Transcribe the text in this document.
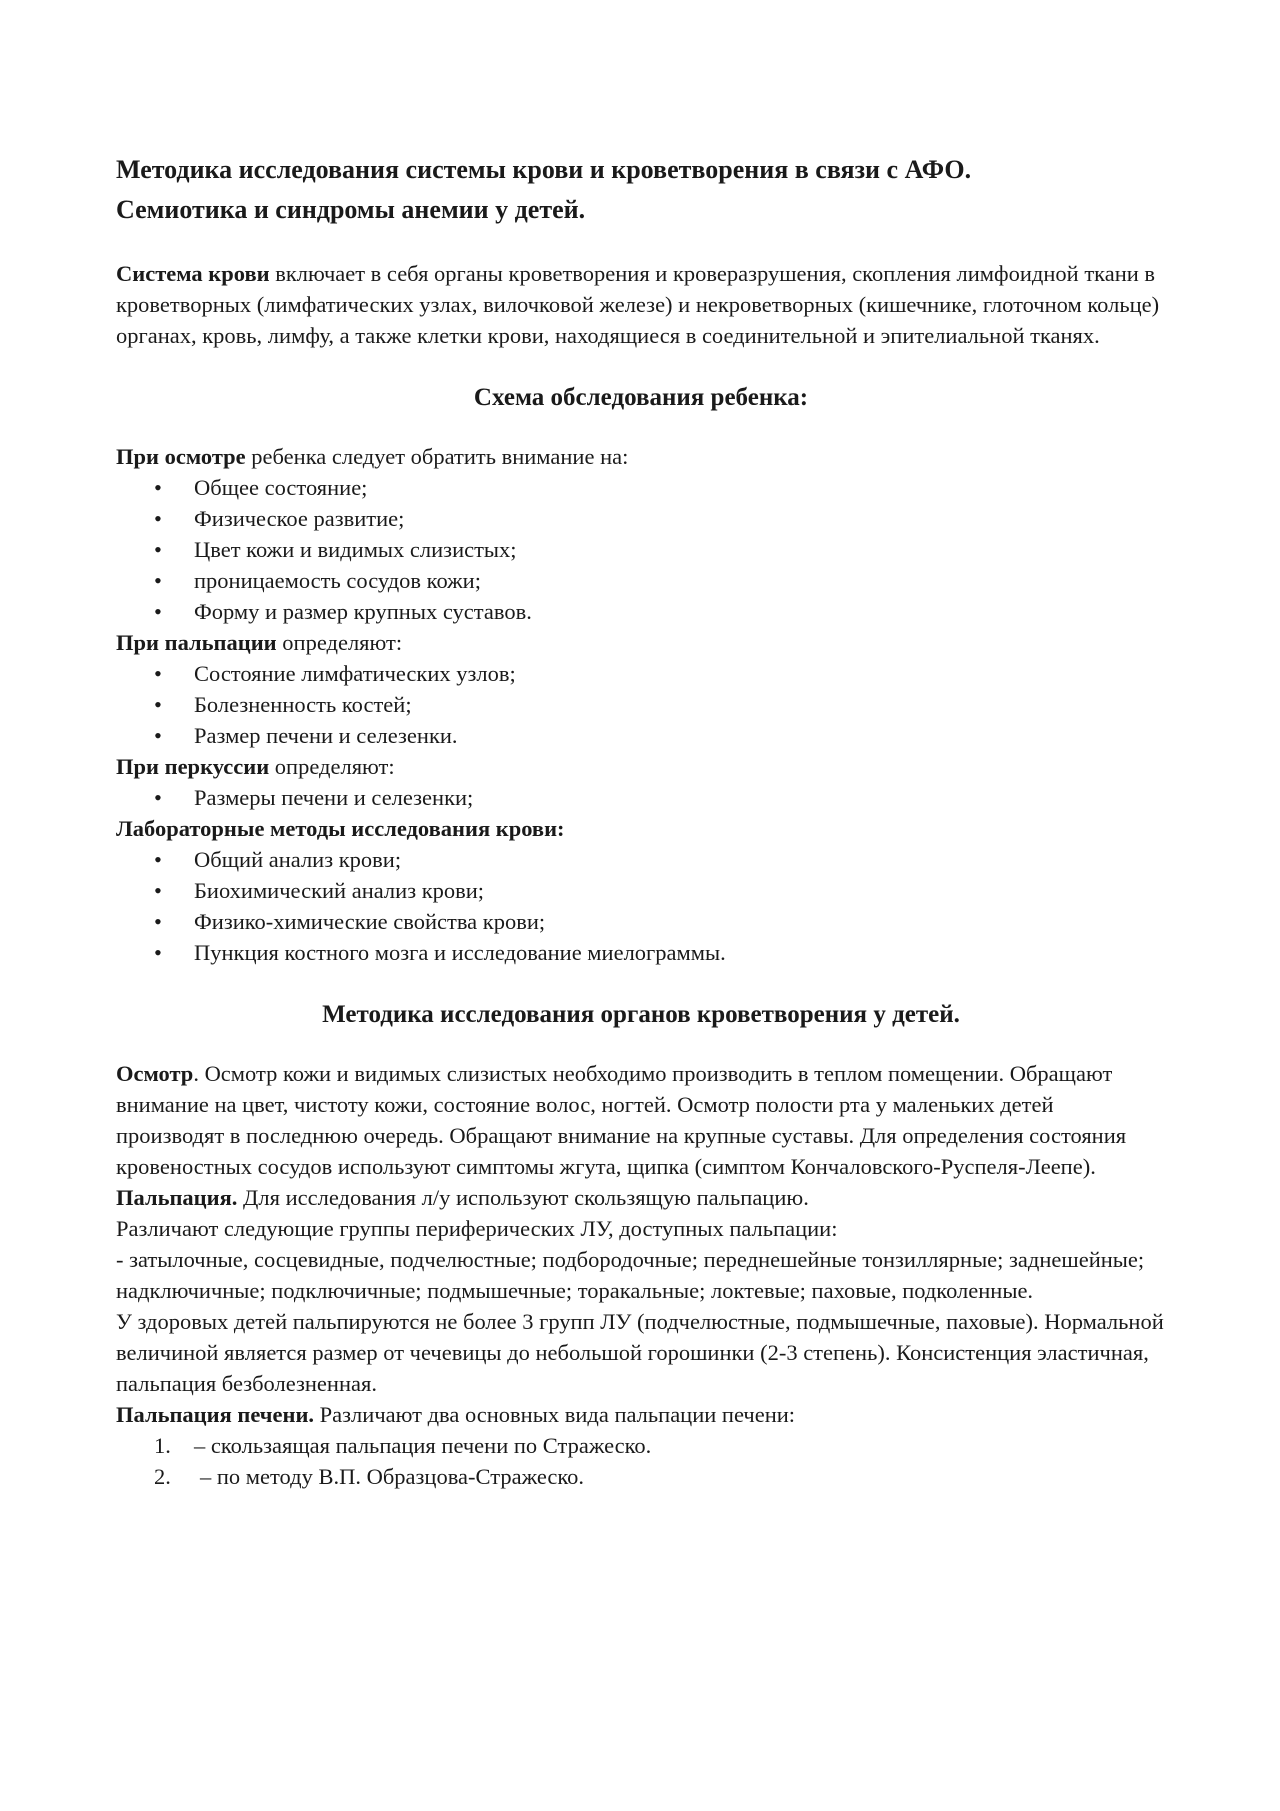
Методика исследования системы крови и кроветворения в связи с АФО.
Семиотика и синдромы анемии у детей.

Система крови включает в себя органы кроветворения и кроверазрушения, скопления лимфоидной ткани в кроветворных (лимфатических узлах, вилочковой железе) и некроветворных (кишечнике, глоточном кольце) органах, кровь, лимфу, а также клетки крови, находящиеся в соединительной и эпителиальной тканях.

Схема обследования ребенка:

При осмотре ребенка следует обратить внимание на:

• Общее состояние;
• Физическое развитие;
• Цвет кожи и видимых слизистых;
• проницаемость сосудов кожи;
• Форму и размер крупных суставов.

При пальпации определяют:

• Состояние лимфатических узлов;
• Болезненность костей;
• Размер печени и селезенки.

При перкуссии определяют:

• Размеры печени и селезенки;

Лабораторные методы исследования крови:

• Общий анализ крови;
• Биохимический анализ крови;
• Физико-химические свойства крови;
• Пункция костного мозга и исследование миелограммы.
Методика исследования органов кроветворения у детей.

Осмотр. Осмотр кожи и видимых слизистых необходимо производить в теплом помещении. Обращают внимание на цвет, чистоту кожи, состояние волос, ногтей. Осмотр полости рта у маленьких детей производят в последнюю очередь. Обращают внимание на крупные суставы. Для определения состояния кровеностных сосудов используют симптомы жгута, щипка (симптом Кончаловского-Руспеля-Леепе).

Пальпация. Для исследования л/у используют скользящую пальпацию.

Различают следующие группы периферических ЛУ, доступных пальпации:

- затылочные, сосцевидные, подчелюстные; подбородочные; переднешейные тонзиллярные; заднешейные; надключичные; подключичные; подмышечные; торакальные; локтевые; паховые, подколенные.

У здоровых детей пальпируются не более 3 групп ЛУ (подчелюстные, подмышечные, паховые). Нормальной величиной является размер от чечевицы до небольшой горошинки (2-3 степень). Консистенция эластичная, пальпация безболезненная.

Пальпация печени. Различают два основных вида пальпации печени:

1. – скользаящая пальпация печени по Стражеско.
2. – по методу В.П. Образцова-Стражеско.
